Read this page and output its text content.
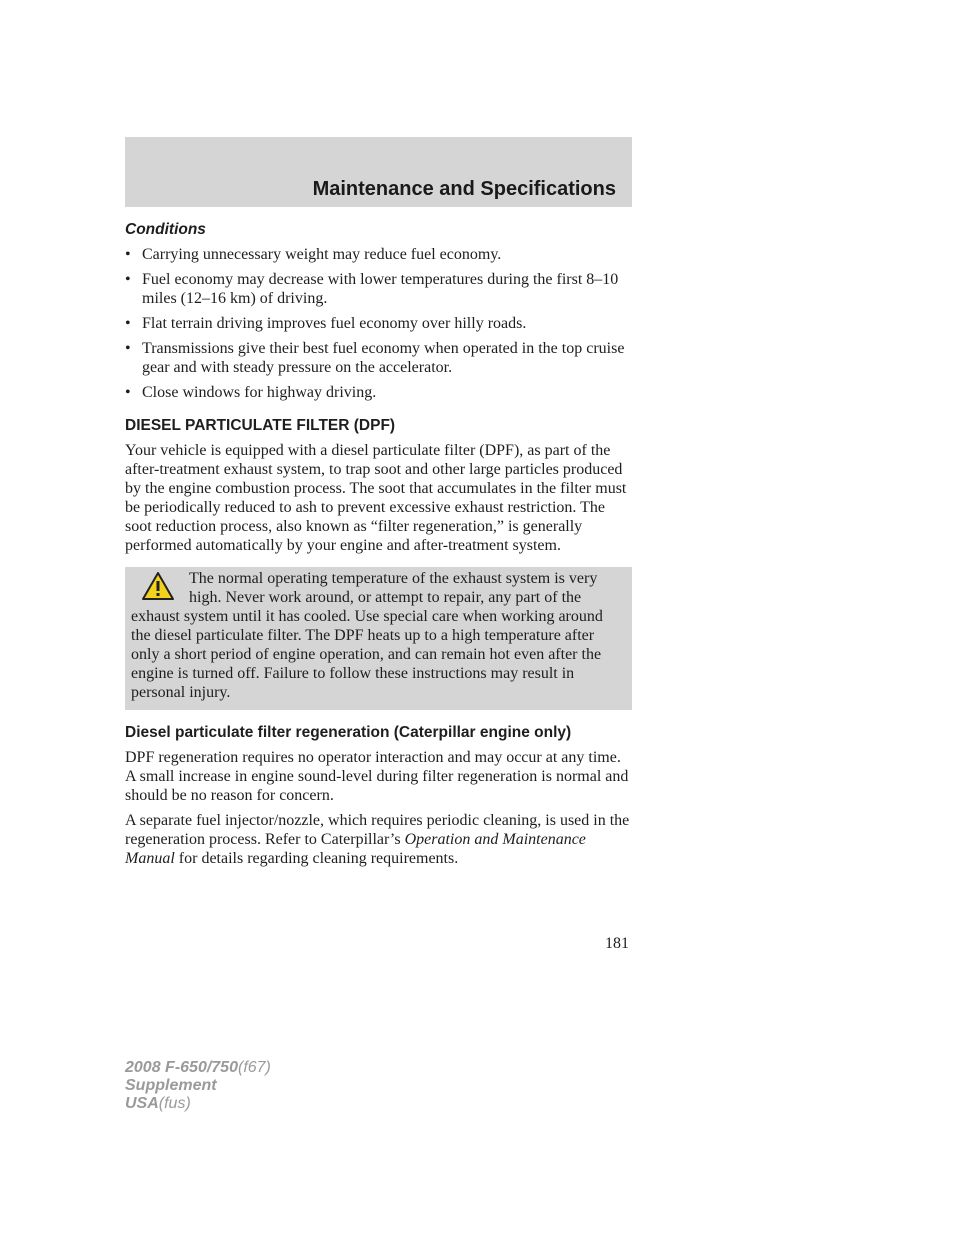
Maintenance and Specifications
Conditions
• Carrying unnecessary weight may reduce fuel economy.
• Fuel economy may decrease with lower temperatures during the first 8–10 miles (12–16 km) of driving.
• Flat terrain driving improves fuel economy over hilly roads.
• Transmissions give their best fuel economy when operated in the top cruise gear and with steady pressure on the accelerator.
• Close windows for highway driving.
DIESEL PARTICULATE FILTER (DPF)

Your vehicle is equipped with a diesel particulate filter (DPF), as part of the after-treatment exhaust system, to trap soot and other large particles produced by the engine combustion process. The soot that accumulates in the filter must be periodically reduced to ash to prevent excessive exhaust restriction. The soot reduction process, also known as “filter regeneration,” is generally performed automatically by your engine and after-treatment system.

The normal operating temperature of the exhaust system is very high. Never work around, or attempt to repair, any part of the exhaust system until it has cooled. Use special care when working around the diesel particulate filter. The DPF heats up to a high temperature after only a short period of engine operation, and can remain hot even after the engine is turned off. Failure to follow these instructions may result in personal injury.
Diesel particulate filter regeneration (Caterpillar engine only)

DPF regeneration requires no operator interaction and may occur at any time. A small increase in engine sound-level during filter regeneration is normal and should be no reason for concern.

A separate fuel injector/nozzle, which requires periodic cleaning, is used in the regeneration process. Refer to Caterpillar’s Operation and Maintenance Manual for details regarding cleaning requirements.

181
2008 F-650/750(f67)
Supplement
USA(fus)
